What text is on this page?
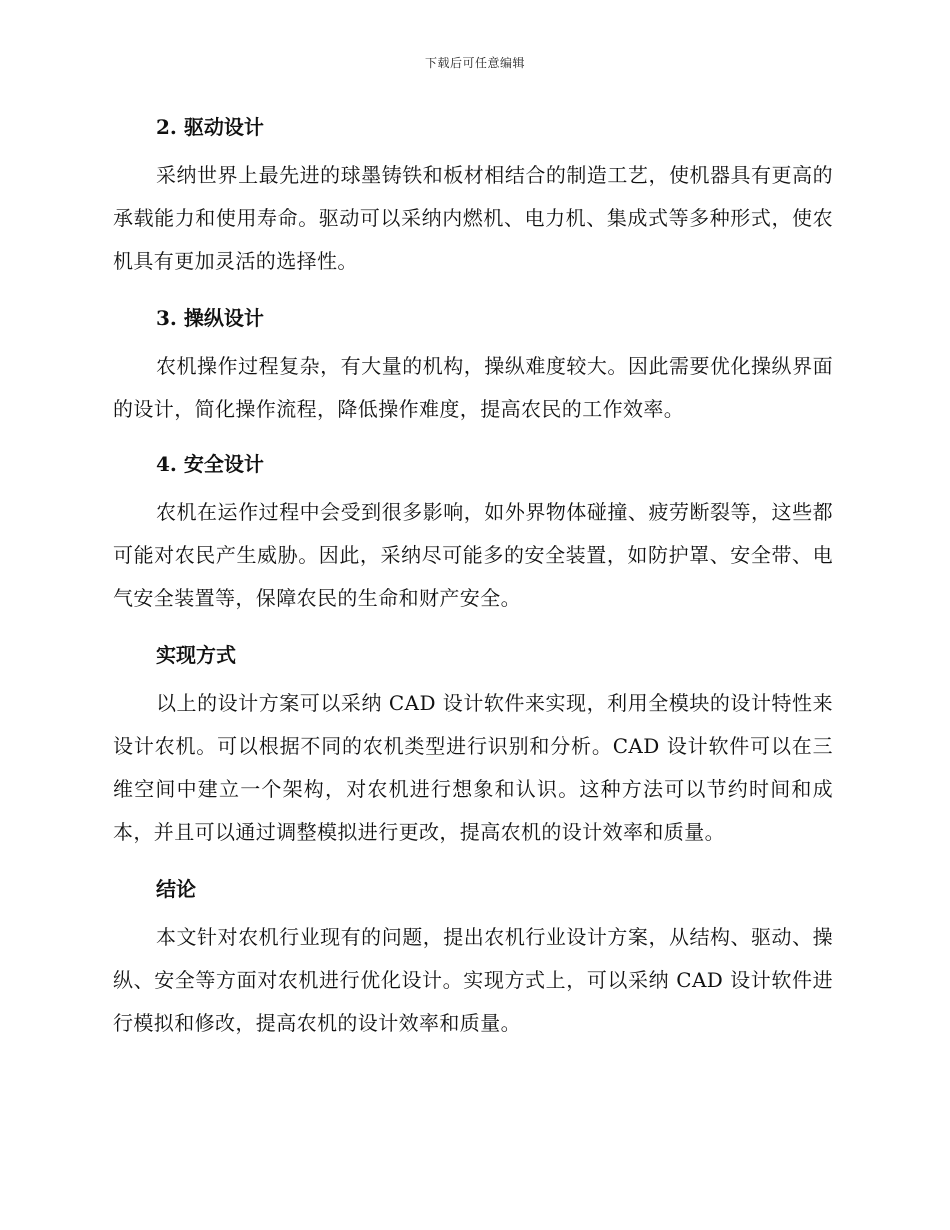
下载后可任意编辑
2. 驱动设计

采纳世界上最先进的球墨铸铁和板材相结合的制造工艺，使机器具有更高的承载能力和使用寿命。驱动可以采纳内燃机、电力机、集成式等多种形式，使农机具有更加灵活的选择性。

3. 操纵设计

农机操作过程复杂，有大量的机构，操纵难度较大。因此需要优化操纵界面的设计，简化操作流程，降低操作难度，提高农民的工作效率。

4. 安全设计

农机在运作过程中会受到很多影响，如外界物体碰撞、疲劳断裂等，这些都可能对农民产生威胁。因此，采纳尽可能多的安全装置，如防护罩、安全带、电气安全装置等，保障农民的生命和财产安全。

实现方式

以上的设计方案可以采纳 CAD 设计软件来实现，利用全模块的设计特性来设计农机。可以根据不同的农机类型进行识别和分析。CAD 设计软件可以在三维空间中建立一个架构，对农机进行想象和认识。这种方法可以节约时间和成本，并且可以通过调整模拟进行更改，提高农机的设计效率和质量。

结论

本文针对农机行业现有的问题，提出农机行业设计方案，从结构、驱动、操纵、安全等方面对农机进行优化设计。实现方式上，可以采纳 CAD 设计软件进行模拟和修改，提高农机的设计效率和质量。
